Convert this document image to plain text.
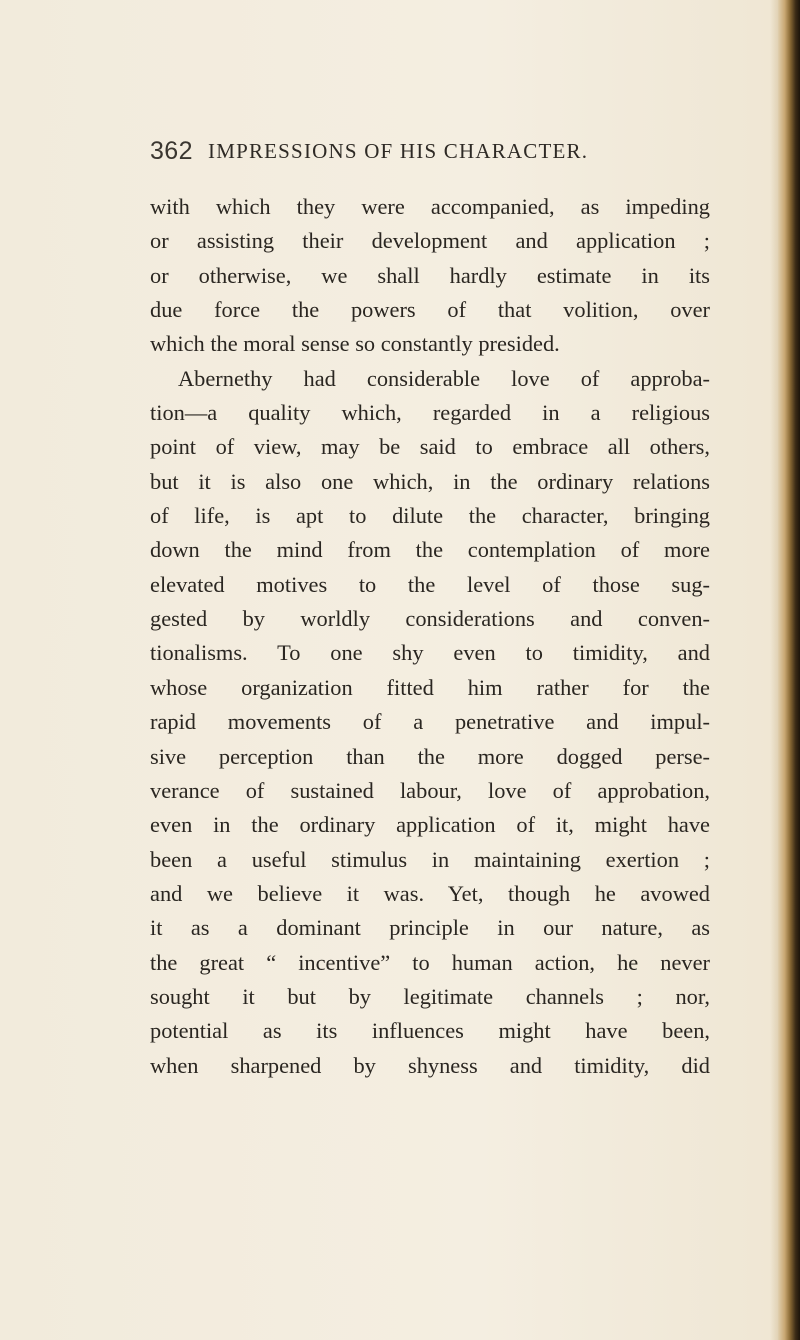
362 IMPRESSIONS OF HIS CHARACTER.
with which they were accompanied, as impeding
or assisting their development and application ;
or otherwise, we shall hardly estimate in its
due force the powers of that volition, over
which the moral sense so constantly presided.
Abernethy had considerable love of approba-
tion—a quality which, regarded in a religious
point of view, may be said to embrace all others,
but it is also one which, in the ordinary relations
of life, is apt to dilute the character, bringing
down the mind from the contemplation of more
elevated motives to the level of those sug-
gested by worldly considerations and conven-
tionalisms. To one shy even to timidity, and
whose organization fitted him rather for the
rapid movements of a penetrative and impul-
sive perception than the more dogged perse-
verance of sustained labour, love of approbation,
even in the ordinary application of it, might have
been a useful stimulus in maintaining exertion ;
and we believe it was. Yet, though he avowed
it as a dominant principle in our nature, as
the great “ incentive” to human action, he never
sought it but by legitimate channels ; nor,
potential as its influences might have been,
when sharpened by shyness and timidity, did
